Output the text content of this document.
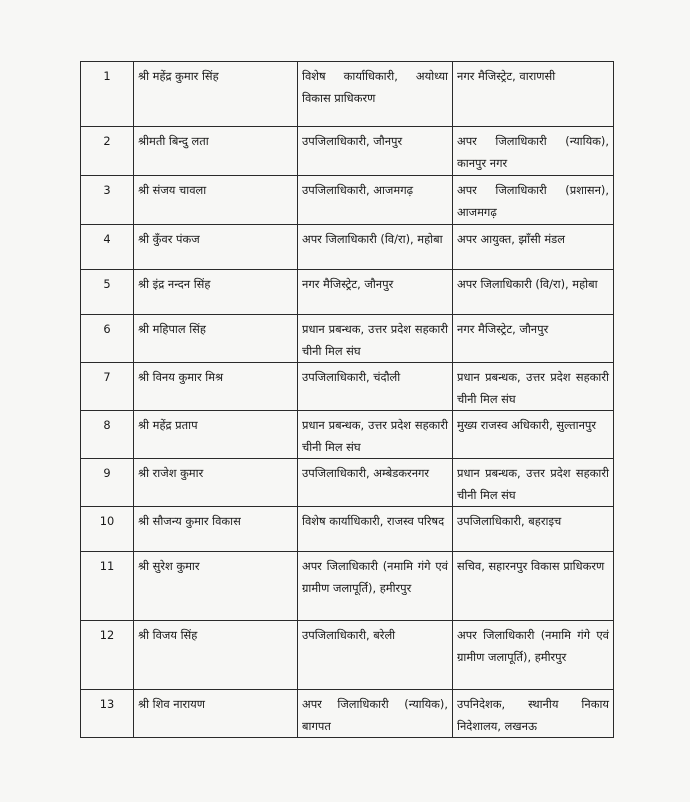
1	श्री महेंद्र कुमार सिंह	विशेष कार्याधिकारी, अयोध्या विकास प्राधिकरण	नगर मैजिस्ट्रेट, वाराणसी
2	श्रीमती बिन्दु लता	उपजिलाधिकारी, जौनपुर	अपर जिलाधिकारी (न्यायिक), कानपुर नगर
3	श्री संजय चावला	उपजिलाधिकारी, आजमगढ़	अपर जिलाधिकारी (प्रशासन), आजमगढ़
4	श्री कुँवर पंकज	अपर जिलाधिकारी (वि/रा), महोबा	अपर आयुक्त, झाँसी मंडल
5	श्री इंद्र नन्दन सिंह	नगर मैजिस्ट्रेट, जौनपुर	अपर जिलाधिकारी (वि/रा), महोबा
6	श्री महिपाल सिंह	प्रधान प्रबन्धक, उत्तर प्रदेश सहकारी चीनी मिल संघ	नगर मैजिस्ट्रेट, जौनपुर
7	श्री विनय कुमार मिश्र	उपजिलाधिकारी, चंदौली	प्रधान प्रबन्धक, उत्तर प्रदेश सहकारी चीनी मिल संघ
8	श्री महेंद्र प्रताप	प्रधान प्रबन्धक, उत्तर प्रदेश सहकारी चीनी मिल संघ	मुख्य राजस्व अधिकारी, सुल्तानपुर
9	श्री राजेश कुमार	उपजिलाधिकारी, अम्बेडकरनगर	प्रधान प्रबन्धक, उत्तर प्रदेश सहकारी चीनी मिल संघ
10	श्री सौजन्य कुमार विकास	विशेष कार्याधिकारी, राजस्व परिषद	उपजिलाधिकारी, बहराइच
11	श्री सुरेश कुमार	अपर जिलाधिकारी (नमामि गंगे एवं ग्रामीण जलापूर्ति), हमीरपुर	सचिव, सहारनपुर विकास प्राधिकरण
12	श्री विजय सिंह	उपजिलाधिकारी, बरेली	अपर जिलाधिकारी (नमामि गंगे एवं ग्रामीण जलापूर्ति), हमीरपुर
13	श्री शिव नारायण	अपर जिलाधिकारी (न्यायिक), बागपत	उपनिदेशक, स्थानीय निकाय निदेशालय, लखनऊ
